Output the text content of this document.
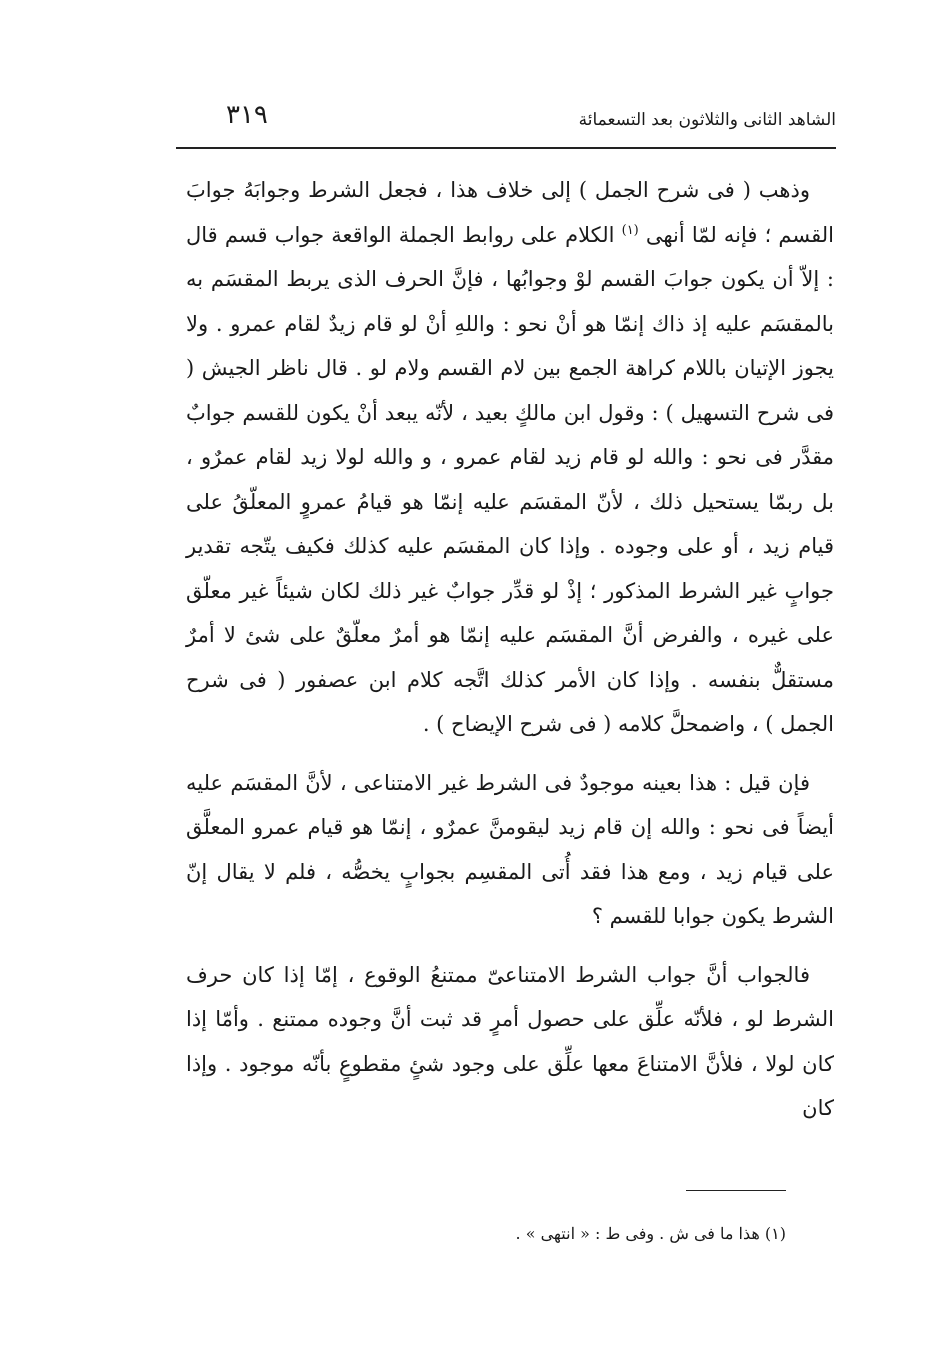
الشاهد الثانى والثلاثون بعد التسعمائة
٣١٩

وذهب ( فى شرح الجمل ) إلى خلاف هذا ، فجعل الشرط وجوابَهُ جوابَ القسم ؛ فإنه لمّا أنهى $^{(١)}$ الكلام على روابط الجملة الواقعة جواب قسم قال : إلاّ أن يكون جوابَ القسم لوْ وجوابُها ، فإنَّ الحرف الذى يربط المقسَم به بالمقسَم عليه إذ ذاك إنمّا هو أنْ نحو : واللهِ أنْ لو قام زيدٌ لقام عمرو . ولا يجوز الإتيان باللام كراهة الجمع بين لام القسم ولام لو . قال ناظر الجيش ( فى شرح التسهيل ) : وقول ابن مالكٍ بعيد ، لأنّه يبعد أنْ يكون للقسم جوابٌ مقدَّر فى نحو : والله لو قام زيد لقام عمرو ، و والله لولا زيد لقام عمرٌو ، بل ربمّا يستحيل ذلك ، لأنّ المقسَم عليه إنمّا هو قيامُ عمروٍ المعلّقُ على قيام زيد ، أو على وجوده . وإذا كان المقسَم عليه كذلك فكيف يتّجه تقدير جوابٍ غير الشرط المذكور ؛ إذْ لو قدِّر جوابٌ غير ذلك لكان شيئاً غير معلّق على غيره ، والفرض أنَّ المقسَم عليه إنمّا هو أمرٌ معلّقٌ على شئ لا أمرٌ مستقلٌّ بنفسه . وإذا كان الأمر كذلك اتَّجه كلام ابن عصفور ( فى شرح الجمل ) ، واضمحلَّ كلامه ( فى شرح الإيضاح ) .

فإن قيل : هذا بعينه موجودٌ فى الشرط غير الامتناعى ، لأنَّ المقسَم عليه أيضاً فى نحو : والله إن قام زيد ليقومنَّ عمرٌو ، إنمّا هو قيام عمرو المعلَّق على قيام زيد ، ومع هذا فقد أُتى المقسِم بجوابٍ يخصُّه ، فلم لا يقال إنّ الشرط يكون جوابا للقسم ؟

فالجواب أنَّ جواب الشرط الامتناعىّ ممتنعُ الوقوع ، إمّا إذا كان حرف الشرط لو ، فلأنّه علِّق على حصول أمرٍ قد ثبت أنَّ وجوده ممتنع . وأمّا إذا كان لولا ، فلأنَّ الامتناعَ معها علِّق على وجود شئٍ مقطوعٍ بأنّه موجود . وإذا كان

(١) هذا ما فى ش . وفى ط : « انتهى » .
